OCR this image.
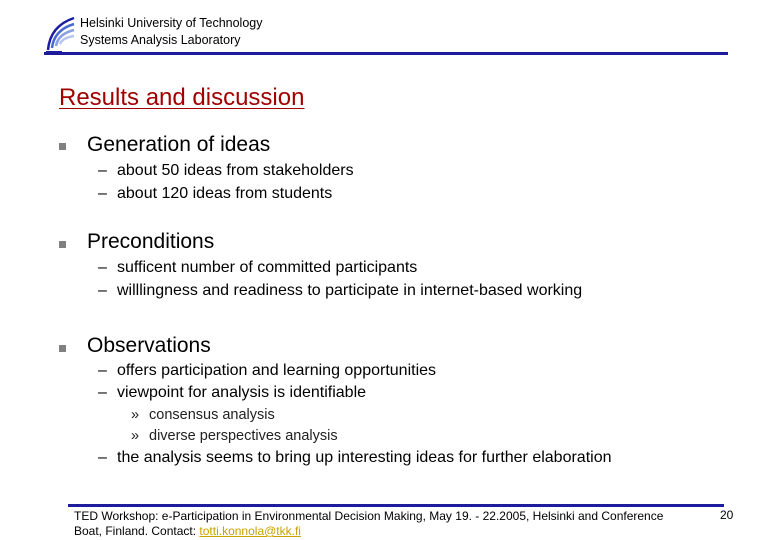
Helsinki University of Technology
Systems Analysis Laboratory
Results and discussion
Generation of ideas
– about 50 ideas from stakeholders
– about 120 ideas from students
Preconditions
– sufficent number of committed participants
– willlingness and readiness to participate in internet-based working
Observations
– offers participation and learning opportunities
– viewpoint for analysis is identifiable
» consensus analysis
» diverse perspectives analysis
– the analysis seems to bring up interesting ideas for further elaboration
TED Workshop: e-Participation in Environmental Decision Making, May 19. - 22.2005, Helsinki and Conference
Boat, Finland. Contact: totti.konnola@tkk.fi
20
